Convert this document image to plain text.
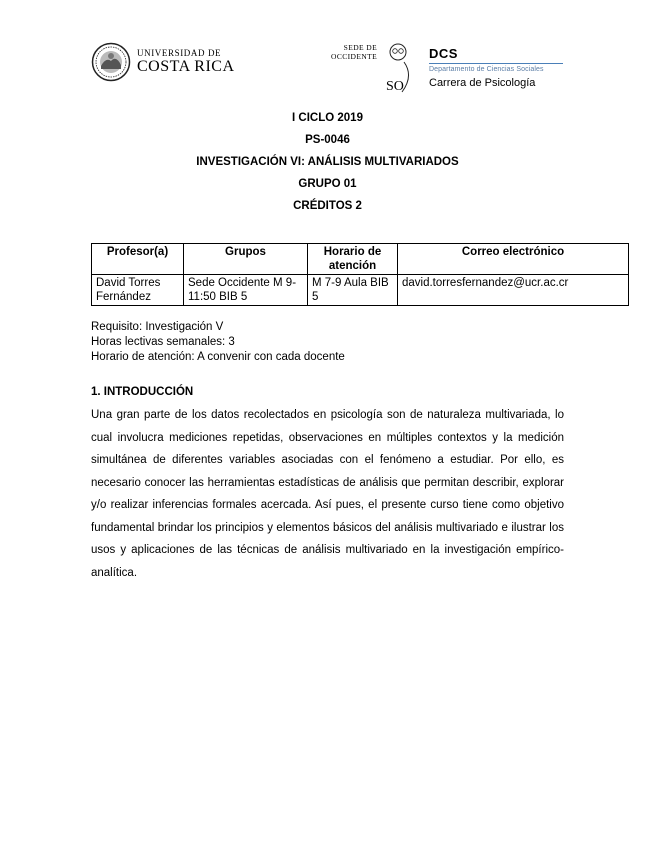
UNIVERSIDAD DE
COSTA RICA
SEDE DE
OCCIDENTE
SO
DCS
Departamento de Ciencias Sociales
Carrera de Psicología
I CICLO 2019
PS-0046
INVESTIGACIÓN VI: ANÁLISIS MULTIVARIADOS
GRUPO 01
CRÉDITOS 2
Profesor(a)	Grupos	Horario de atención	Correo electrónico
David Torres Fernández	Sede Occidente M 9-11:50 BIB 5	M 7-9 Aula BIB 5	david.torresfernandez@ucr.ac.cr
Requisito: Investigación V
Horas lectivas semanales: 3
Horario de atención: A convenir con cada docente
1. INTRODUCCIÓN
Una gran parte de los datos recolectados en psicología son de naturaleza multivariada, lo cual involucra mediciones repetidas, observaciones en múltiples contextos y la medición simultánea de diferentes variables asociadas con el fenómeno a estudiar. Por ello, es necesario conocer las herramientas estadísticas de análisis que permitan describir, explorar y/o realizar inferencias formales acercada. Así pues, el presente curso tiene como objetivo fundamental brindar los principios y elementos básicos del análisis multivariado e ilustrar los usos y aplicaciones de las técnicas de análisis multivariado en la investigación empírico-analítica.
